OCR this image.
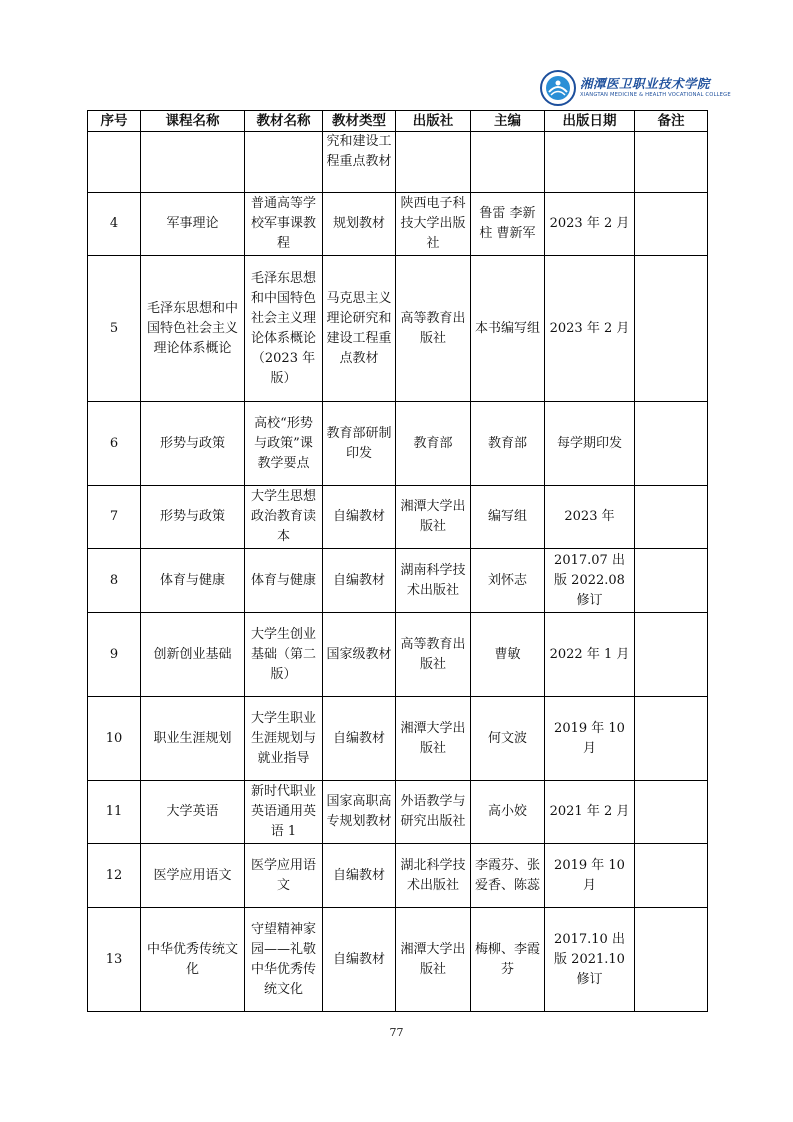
湘潭医卫职业技术学院
XIANGTAN MEDICINE & HEALTH VOCATIONAL COLLEGE
序号	课程名称	教材名称	教材类型	出版社	主编	出版日期	备注
			究和建设工程重点教材				
4	军事理论	普通高等学校军事课教程	规划教材	陕西电子科技大学出版社	鲁雷 李新柱 曹新军	2023 年 2 月	
5	毛泽东思想和中国特色社会主义理论体系概论	毛泽东思想和中国特色社会主义理论体系概论（2023 年版）	马克思主义理论研究和建设工程重点教材	高等教育出版社	本书编写组	2023 年 2 月	
6	形势与政策	高校“形势与政策”课教学要点	教育部研制印发	教育部	教育部	每学期印发	
7	形势与政策	大学生思想政治教育读本	自编教材	湘潭大学出版社	编写组	2023 年	
8	体育与健康	体育与健康	自编教材	湖南科学技术出版社	刘怀志	2017.07 出版 2022.08 修订	
9	创新创业基础	大学生创业基础（第二版）	国家级教材	高等教育出版社	曹敏	2022 年 1 月	
10	职业生涯规划	大学生职业生涯规划与就业指导	自编教材	湘潭大学出版社	何文波	2019 年 10 月	
11	大学英语	新时代职业英语通用英语 1	国家高职高专规划教材	外语教学与研究出版社	高小姣	2021 年 2 月	
12	医学应用语文	医学应用语文	自编教材	湖北科学技术出版社	李霞芬、张爱香、陈蕊	2019 年 10 月	
13	中华优秀传统文化	守望精神家园——礼敬中华优秀传统文化	自编教材	湘潭大学出版社	梅柳、李霞芬	2017.10 出版 2021.10 修订	
77
